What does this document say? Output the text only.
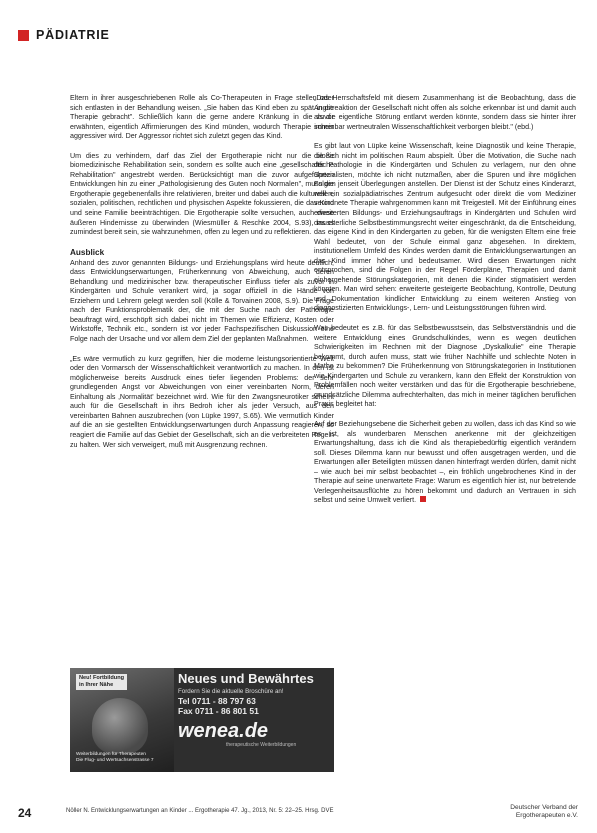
PÄDIATRIE

Eltern in ihrer ausgeschriebenen Rolle als Co-Therapeuten in Frage stellen oder sich entlasten in der Behandlung weisen. „Sie haben das Kind eben zu spät in die Therapie gebracht". Schließlich kann die gerne andere Kränkung in die zuvor erwähnten, eigentlich Affirmierungen des Kind münden, wodurch Therapie immer aggressiver wird. Der Aggressor richtet sich zuletzt gegen das Kind.

Um dies zu verhindern, darf das Ziel der Ergotherapie nicht nur die bloße biomedizinische Rehabilitation sein, sondern es sollte auch eine „gesellschaftliche Rehabilitation" angestrebt werden. Berücksichtigt man die zuvor aufgeführten Entwicklungen hin zu einer „Pathologisierung des Guten noch Normalen", muss die Ergotherapie gegebenenfalls ihre relativieren, breiter und dabei auch die kulturellen, sozialen, politischen, rechtlichen und physischen Aspekte fokussieren, die das Kind und seine Familie beeinträchtigen. Die Ergotherapie sollte versuchen, auch diese äußeren Hindernisse zu überwinden (Wiesmüller & Reschke 2004, S.93), muss zumindest bereit sein, sie wahrzunehmen, offen zu legen und zu reflektieren.

Ausblick

Anhand des zuvor genannten Bildungs- und Erziehungsplans wird heute deutlich, dass Entwicklungserwartungen, Früherkennung von Abweichung, auch deren Behandlung und medizinischer bzw. therapeutischer Einfluss tiefer als zuvor in Kindergärten und Schule verankert wird, ja sogar offiziell in die Hände von Erziehern und Lehrern gelegt werden soll (Kölle & Torvainen 2008, S.9). Die Frage nach der Funktionsproblematik der, die mit der Suche nach der Pathologie beauftragt wird, erschöpft sich dabei nicht im Themen wie Effizienz, Kosten oder Wirkstoffe, Technik etc., sondern ist vor jeder Fachspezifischen Diskussion eine Folge nach der Ursache und vor allem dem Ziel der geplanten Maßnahmen.

„Es wäre vermutlich zu kurz gegriffen, hier die moderne leistungsorientierte Welt oder den Vormarsch der Wissenschaftlichkeit verantwortlich zu machen. In den ist möglicherweise bereits Ausdruck eines tiefer liegenden Problems: der sehr grundlegenden Angst vor Abweichungen von einer vereinbarten Norm, deren Einhaltung als ‚Normalität' bezeichnet wird. Wie für den Zwangsneurotiker scheint auch für die Gesellschaft in ihrs Bedroh icher als jeder Versuch, aus den vereinbarten Bahnen auszubrechen (von Lüpke 1997, S.65). Wie vermutlich Kinder auf die an sie gestellten Entwicklungserwartungen durch Anpassung reagieren, so reagiert die Familie auf das Gebiet der Gesellschaft, sich an die verbreiteten Regeln zu halten. Wer sich verweigert, muß mit Ausgrenzung rechnen.

„Das Herrschaftsfeld mit diesem Zusammenhang ist die Beobachtung, dass die Angstreaktion der Gesellschaft nicht offen als solche erkennbar ist und damit auch als die eigentliche Störung entlarvt werden könnte, sondern dass sie hinter ihrer scheinbar wertneutralen Wissenschaftlichkeit verborgen bleibt." (ebd.)

Es gibt laut von Lüpke keine Wissenschaft, keine Diagnostik und keine Therapie, die sich nicht im politischen Raum abspielt. Über die Motivation, die Suche nach der Pathologie in die Kindergärten und Schulen zu verlagern, nur den ohne Spezialisten, möchte ich nicht nutzmaßen, aber die Spuren und ihre möglichen Folgen jenseit Überlegungen anstellen. Der Dienst ist der Schutz eines Kinderarzt, weil ein sozialpädiatrisches Zentrum aufgesucht oder direkt die vom Mediziner verordnete Therapie wahrgenommen kann mit Treigestell. Mit der Einführung eines erweiterten Bildungs- und Erziehungsauftrags in Kindergärten und Schulen wird das elterliche Selbstbestimmungsrecht weiter eingeschränkt, da die Entscheidung, das eigene Kind in den Kindergarten zu geben, für die wenigsten Eltern eine freie Wahl bedeutet, von der Schule einmal ganz abgesehen. In direktem, institutionellem Umfeld des Kindes werden damit die Entwicklungserwartungen an das Kind immer höher und bedeutsamer. Wird diesen Erwartungen nicht entsprochen, sind die Folgen in der Regel Förderpläne, Therapien und damit einhergehende Störungskategorien, mit denen die Kinder stigmatisiert werden könnten. Man wird sehen: erweiterte gesteigerte Beobachtung, Kontrolle, Deutung und Dokumentation kindlicher Entwicklung zu einem weiteren Anstieg von diagnostizierten Entwicklungs-, Lern- und Leistungsstörungen führen wird.

Was bedeutet es z.B. für das Selbstbewusstsein, das Selbstverständnis und die weitere Entwicklung eines Grundschulkindes, wenn es wegen deutlichen Schwierigkeiten im Rechnen mit der Diagnose „Dyskalkulie" eine Therapie bekommt, durch aufen muss, statt wie früher Nachhilfe und schlechte Noten in Mathe zu bekommen? Die Früherkennung von Störungskategorien in Institutionen wie Kindergarten und Schule zu verankern, kann den Effekt der Konstruktion von Problemfällen noch weiter verstärken und das für die Ergotherapie beschriebene, grundsätzliche Dilemma aufrechterhalten, das mich in meiner täglichen beruflichen Praxis begleitet hat:

Auf der Beziehungsebene die Sicherheit geben zu wollen, dass ich das Kind so wie es ist, als wunderbaren Menschen anerkenne mit der gleichzeitigen Erwartungshaltung, dass ich die Kind als therapiebedürftig eigentlich verändern soll. Dieses Dilemma kann nur bewusst und offen ausgetragen werden, und die Erwartungen aller Beteiligten müssen danen hinterfragt werden dürfen, damit nicht – wie auch bei mir selbst beobachtet –, ein fröhlich ungebrochenes Kind in der Therapie auf seine unerwartete Frage: Warum es eigentlich hier ist, nur betretende Verlegenheitsausflüchte zu hören bekommt und dadurch an Vertrauen in sich selbst und seine Umwelt verliert.

Weiterbildungen für Therapeuten
Die Flug- und Wertsachsenstrasse 7
Neu! Fortbildung
in Ihrer Nähe	Neues und Bewährtes
Fordern Sie die aktuelle Broschüre an!
Tel 0711 - 88 797 63
Fax 0711 - 86 801 51
wenea.de
therapeutische Weiterbildungen
24	Nöller N. Entwicklungserwartungen an Kinder ... Ergotherapie 47. Jg., 2013, Nr. 5: 22–25. Hrsg. DVE	Deutscher Verband der
Ergotherapeuten e.V.
